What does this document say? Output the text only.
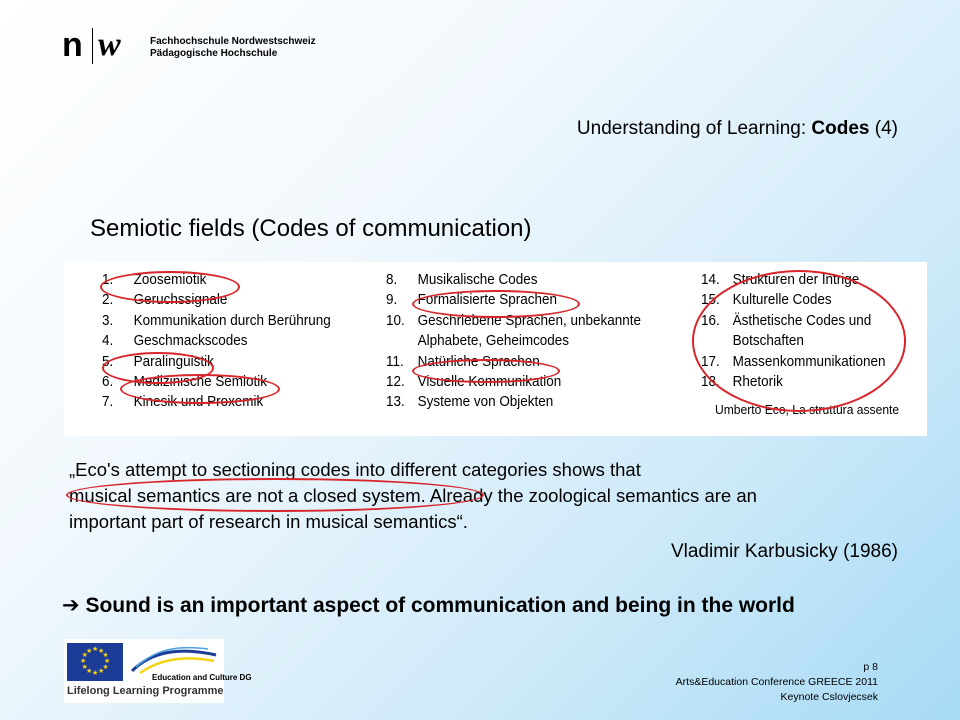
n w	Fachhochschule Nordwestschweiz
Pädagogische Hochschule
Understanding of Learning: Codes (4)
Semiotic fields (Codes of communication)
1. Zoosemiotik
2. Geruchssignale
3. Kommunikation durch Berührung
4. Geschmackscodes
5. Paralinguistik
6. Medizinische Semiotik
7. Kinesik und Proxemik
8. Musikalische Codes
9. Formalisierte Sprachen
10. Geschriebene Sprachen, unbekannte
Alphabete, Geheimcodes
11. Natürliche Sprachen
12. Visuelle Kommunikation
13. Systeme von Objekten
14. Strukturen der Intrige
15. Kulturelle Codes
16. Ästhetische Codes und
Botschaften
17. Massenkommunikationen
18. Rhetorik
Umberto Eco, La struttura assente
„Eco's attempt to sectioning codes into different categories shows that
musical semantics are not a closed system. Already the zoological semantics are an
important part of research in musical semantics“.
Vladimir Karbusicky (1986)
➔ Sound is an important aspect of communication and being in the world
★
★
★
★
★
★
★
★
★ ★ ★
★
Education and Culture DG
Lifelong Learning Programme
p 8
Arts&Education Conference GREECE 2011
Keynote Cslovjecsek
